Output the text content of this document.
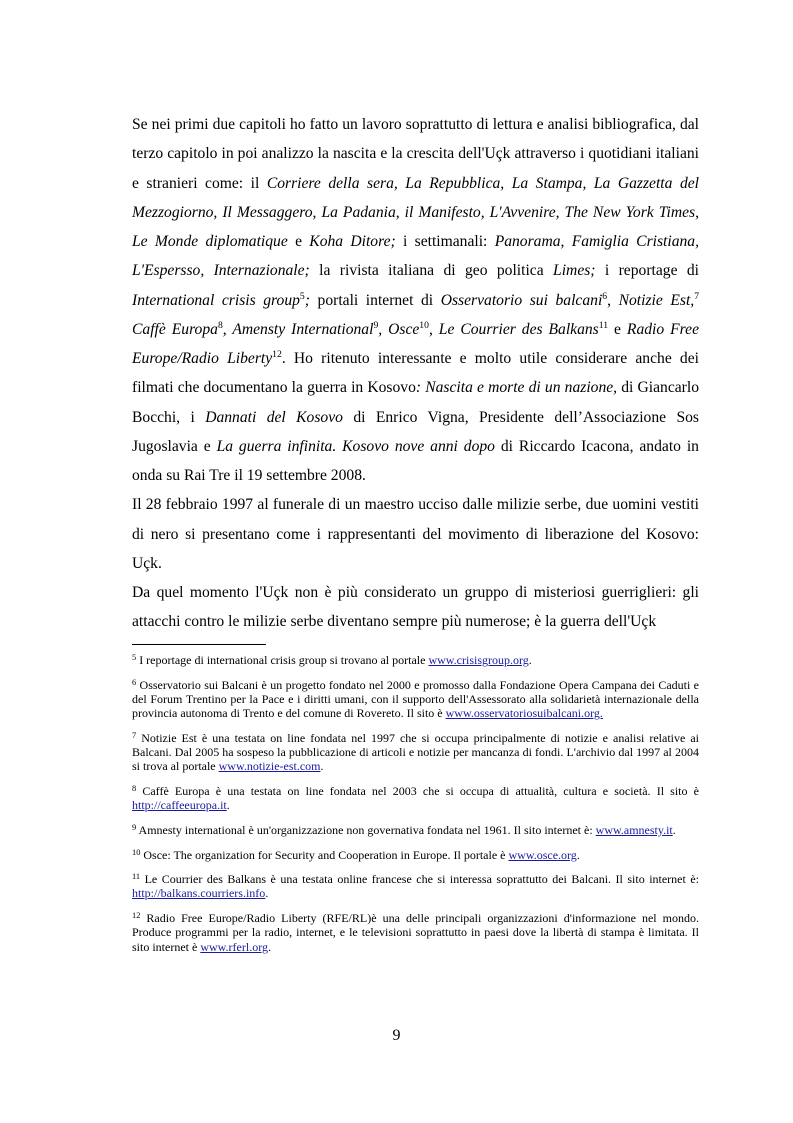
Se nei primi due capitoli ho fatto un lavoro soprattutto di lettura e analisi bibliografica, dal terzo capitolo in poi analizzo la nascita e la crescita dell'Uçk attraverso i quotidiani italiani e stranieri come: il Corriere della sera, La Repubblica, La Stampa, La Gazzetta del Mezzogiorno, Il Messaggero, La Padania, il Manifesto, L'Avvenire, The New York Times, Le Monde diplomatique e Koha Ditore; i settimanali: Panorama, Famiglia Cristiana, L'Espersso, Internazionale; la rivista italiana di geo politica Limes; i reportage di International crisis group$^5$; portali internet di Osservatorio sui balcani$^6$, Notizie Est,$^7$ Caffè Europa$^8$, Amensty International$^9$, Osce$^{10}$, Le Courrier des Balkans$^{11}$ e Radio Free Europe/Radio Liberty$^{12}$. Ho ritenuto interessante e molto utile considerare anche dei filmati che documentano la guerra in Kosovo: Nascita e morte di un nazione, di Giancarlo Bocchi, i Dannati del Kosovo di Enrico Vigna, Presidente dell’Associazione Sos Jugoslavia e La guerra infinita. Kosovo nove anni dopo di Riccardo Icacona, andato in onda su Rai Tre il 19 settembre 2008.

Il 28 febbraio 1997 al funerale di un maestro ucciso dalle milizie serbe, due uomini vestiti di nero si presentano come i rappresentanti del movimento di liberazione del Kosovo: Uçk.

Da quel momento l'Uçk non è più considerato un gruppo di misteriosi guerriglieri: gli attacchi contro le milizie serbe diventano sempre più numerose; è la guerra dell'Uçk

$^5$ I reportage di international crisis group si trovano al portale www.crisisgroup.org.

$^6$ Osservatorio sui Balcani è un progetto fondato nel 2000 e promosso dalla Fondazione Opera Campana dei Caduti e del Forum Trentino per la Pace e i diritti umani, con il supporto dell'Assessorato alla solidarietà internazionale della provincia autonoma di Trento e del comune di Rovereto. Il sito è www.osservatoriosuibalcani.org.

$^7$ Notizie Est è una testata on line fondata nel 1997 che si occupa principalmente di notizie e analisi relative ai Balcani. Dal 2005 ha sospeso la pubblicazione di articoli e notizie per mancanza di fondi. L'archivio dal 1997 al 2004 si trova al portale www.notizie-est.com.

$^8$ Caffè Europa è una testata on line fondata nel 2003 che si occupa di attualità, cultura e società. Il sito è http://caffeeuropa.it.

$^9$ Amnesty international è un'organizzazione non governativa fondata nel 1961. Il sito internet è: www.amnesty.it.

$^{10}$ Osce: The organization for Security and Cooperation in Europe. Il portale è www.osce.org.

$^{11}$ Le Courrier des Balkans è una testata online francese che si interessa soprattutto dei Balcani. Il sito internet è: http://balkans.courriers.info.

$^{12}$ Radio Free Europe/Radio Liberty (RFE/RL)è una delle principali organizzazioni d'informazione nel mondo. Produce programmi per la radio, internet, e le televisioni soprattutto in paesi dove la libertà di stampa è limitata. Il sito internet è www.rferl.org.

9
